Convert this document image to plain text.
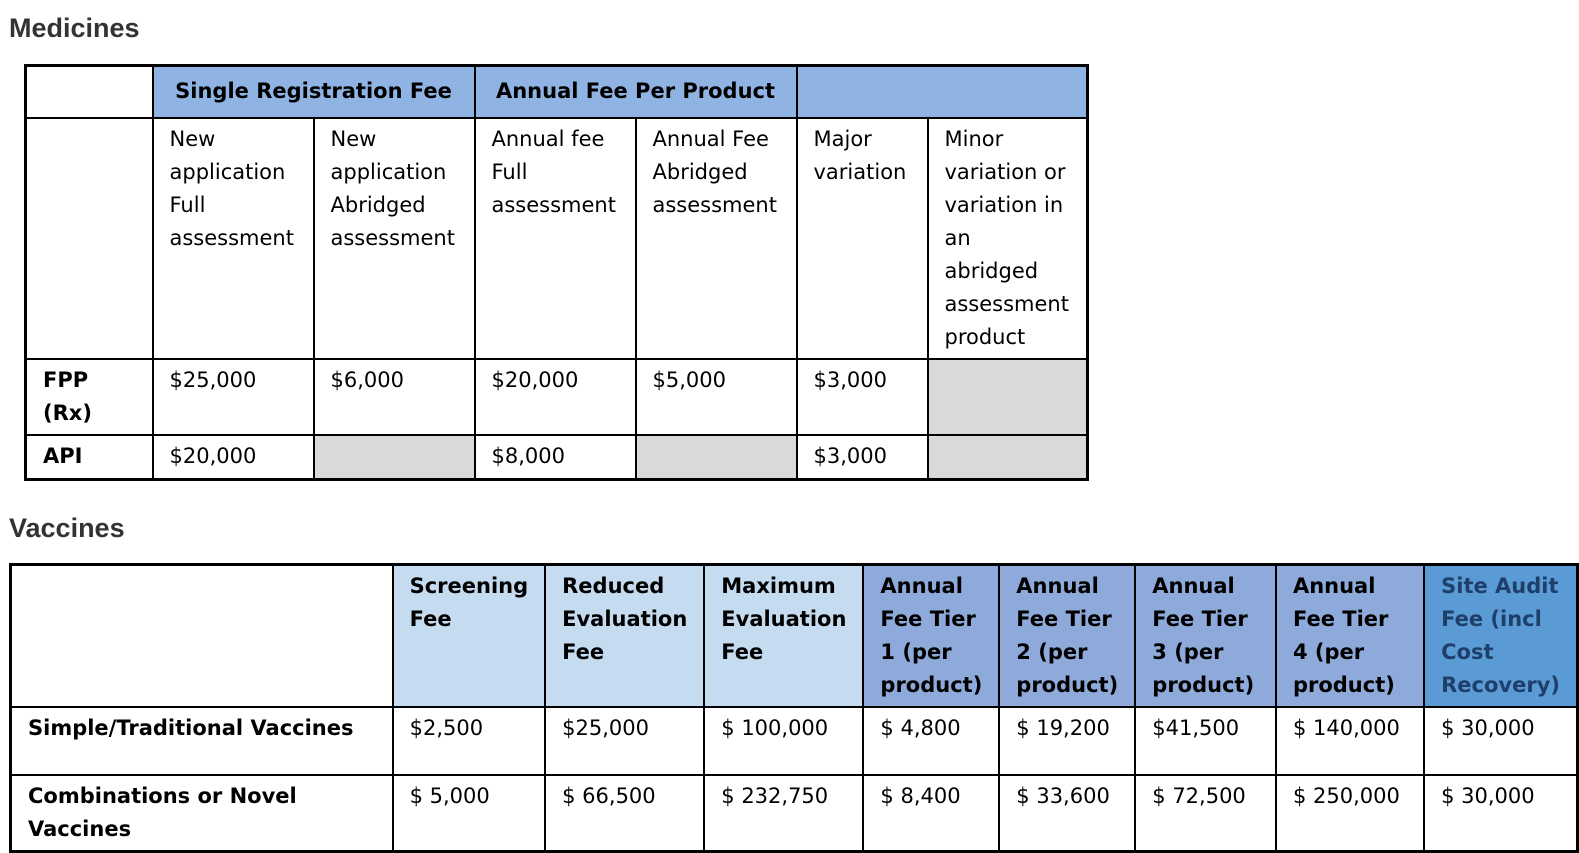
Medicines
	Single Registration Fee		Annual Fee Per Product			
	New application Full assessment	New application Abridged assessment	Annual fee Full assessment	Annual Fee Abridged assessment	Major variation	Minor variation or variation in an abridged assessment product
FPP (Rx)	$25,000	$6,000	$20,000	$5,000	$3,000	
API	$20,000		$8,000		$3,000	
Vaccines
	Screening Fee	Reduced Evaluation Fee	Maximum Evaluation Fee	Annual Fee Tier 1 (per product)	Annual Fee Tier 2 (per product)	Annual Fee Tier 3 (per product)	Annual Fee Tier 4 (per product)	Site Audit Fee (incl Cost Recovery)
Simple/Traditional Vaccines	$2,500	$25,000	$ 100,000	$ 4,800	$ 19,200	$41,500	$ 140,000	$ 30,000
Combinations or Novel Vaccines	$ 5,000	$ 66,500	$ 232,750	$ 8,400	$ 33,600	$ 72,500	$ 250,000	$ 30,000
